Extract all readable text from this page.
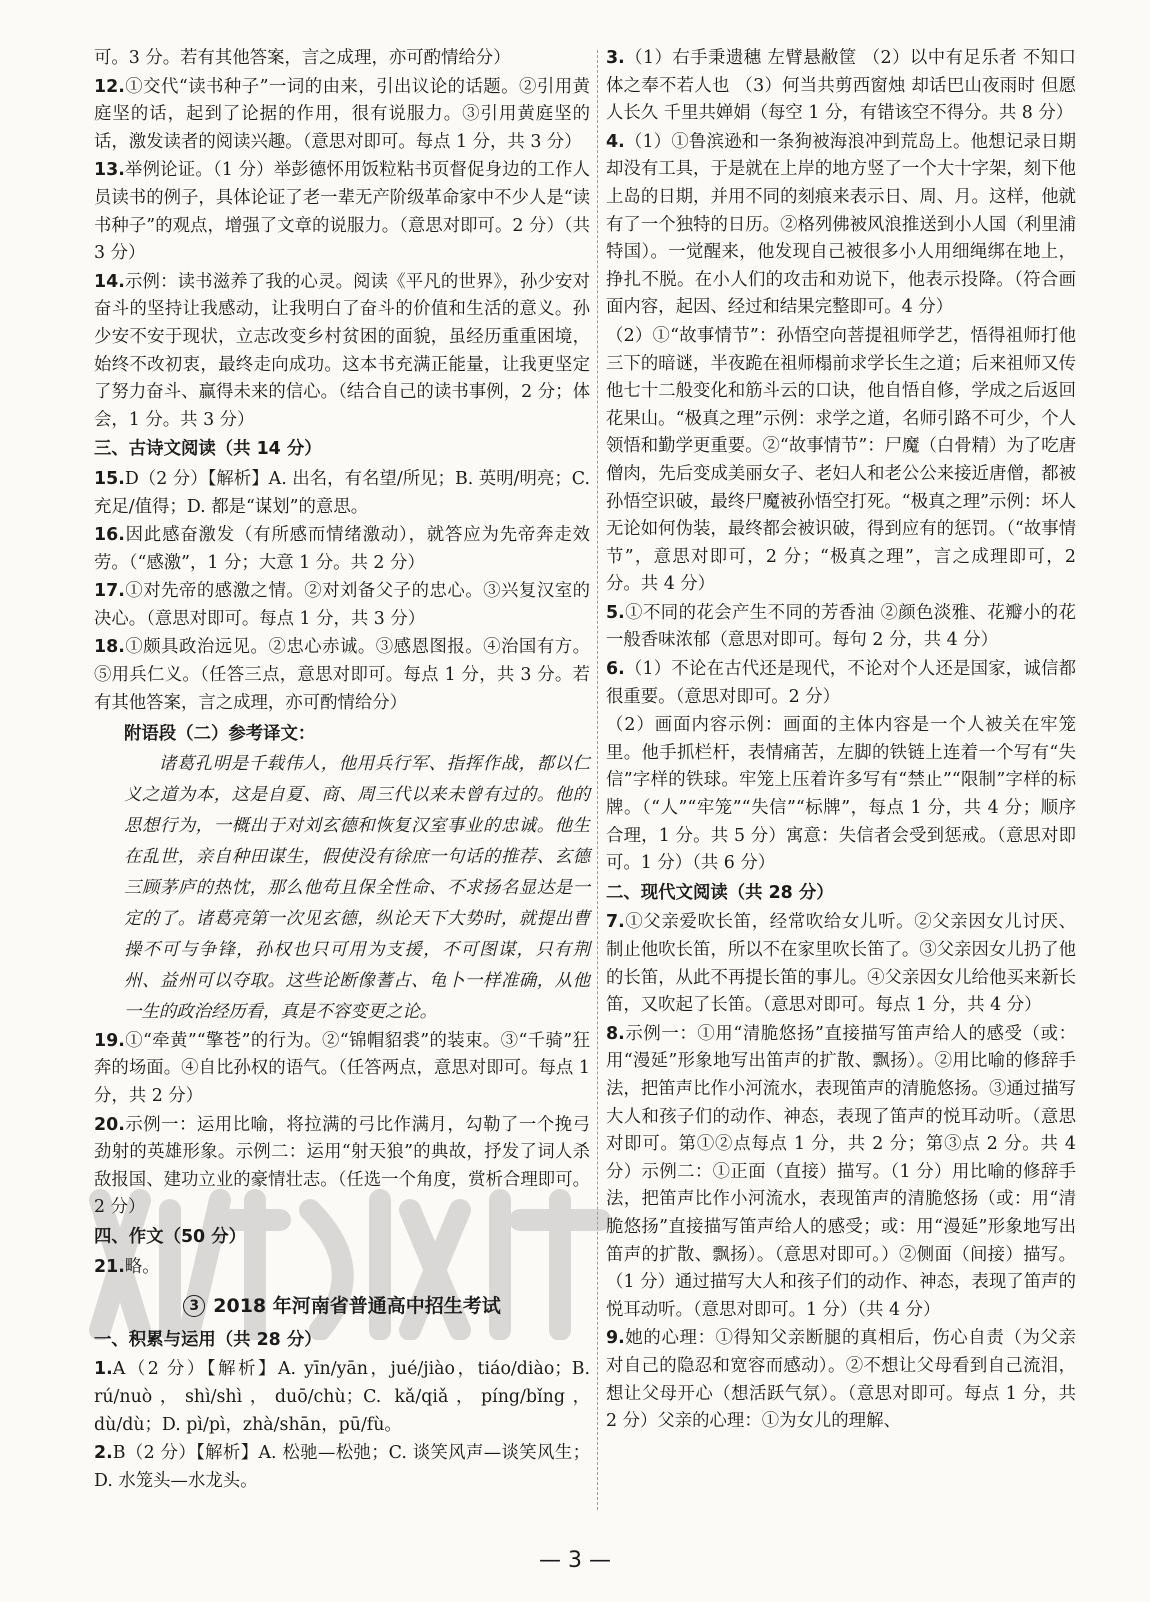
可。3 分。若有其他答案，言之成理，亦可酌情给分）
12.①交代“读书种子”一词的由来，引出议论的话题。②引用黄庭坚的话，起到了论据的作用，很有说服力。③引用黄庭坚的话，激发读者的阅读兴趣。（意思对即可。每点 1 分，共 3 分）
13.举例论证。（1 分）举彭德怀用饭粒粘书页督促身边的工作人员读书的例子，具体论证了老一辈无产阶级革命家中不少人是“读书种子”的观点，增强了文章的说服力。（意思对即可。2 分）（共 3 分）
14.示例：读书滋养了我的心灵。阅读《平凡的世界》，孙少安对奋斗的坚持让我感动，让我明白了奋斗的价值和生活的意义。孙少安不安于现状，立志改变乡村贫困的面貌，虽经历重重困境，始终不改初衷，最终走向成功。这本书充满正能量，让我更坚定了努力奋斗、赢得未来的信心。（结合自己的读书事例，2 分；体会，1 分。共 3 分）
三、古诗文阅读（共 14 分）
15.D（2 分）【解析】A. 出名，有名望/所见；B. 英明/明亮；C. 充足/值得；D. 都是“谋划”的意思。
16.因此感奋激发（有所感而情绪激动），就答应为先帝奔走效劳。（“感激”，1 分；大意 1 分。共 2 分）
17.①对先帝的感激之情。②对刘备父子的忠心。③兴复汉室的决心。（意思对即可。每点 1 分，共 3 分）
18.①颇具政治远见。②忠心赤诚。③感恩图报。④治国有方。⑤用兵仁义。（任答三点，意思对即可。每点 1 分，共 3 分。若有其他答案，言之成理，亦可酌情给分）
附语段（二）参考译文：
诸葛孔明是千载伟人，他用兵行军、指挥作战，都以仁义之道为本，这是自夏、商、周三代以来未曾有过的。他的思想行为，一概出于对刘玄德和恢复汉室事业的忠诚。他生在乱世，亲自种田谋生，假使没有徐庶一句话的推荐、玄德三顾茅庐的热忱，那么他苟且保全性命、不求扬名显达是一定的了。诸葛亮第一次见玄德，纵论天下大势时，就提出曹操不可与争锋，孙权也只可用为支援，不可图谋，只有荆州、益州可以夺取。这些论断像蓍占、龟卜一样准确，从他一生的政治经历看，真是不容变更之论。
19.①“牵黄”“擎苍”的行为。②“锦帽貂裘”的装束。③“千骑”狂奔的场面。④自比孙权的语气。（任答两点，意思对即可。每点 1 分，共 2 分）
20.示例一：运用比喻，将拉满的弓比作满月，勾勒了一个挽弓劲射的英雄形象。示例二：运用“射天狼”的典故，抒发了词人杀敌报国、建功立业的豪情壮志。（任选一个角度，赏析合理即可。2 分）
四、作文（50 分）
21.略。
3 2018 年河南省普通高中招生考试
一、积累与运用（共 28 分）
1.A（2 分）【解析】A. yīn/yān，jué/jiào，tiáo/diào；B. rú/nuò，shì/shì，duō/chù；C. kǎ/qiǎ，píng/bǐng，dù/dù；D. pì/pì，zhà/shān，pū/fù。
2.B（2 分）【解析】A. 松驰—松弛；C. 谈笑风声—谈笑风生；D. 水笼头—水龙头。
3.（1）右手秉遗穗 左臂悬敝筐 （2）以中有足乐者 不知口体之奉不若人也 （3）何当共剪西窗烛 却话巴山夜雨时 但愿人长久 千里共婵娟（每空 1 分，有错该空不得分。共 8 分）
4.（1）①鲁滨逊和一条狗被海浪冲到荒岛上。他想记录日期却没有工具，于是就在上岸的地方竖了一个大十字架，刻下他上岛的日期，并用不同的刻痕来表示日、周、月。这样，他就有了一个独特的日历。②格列佛被风浪推送到小人国（利里浦特国）。一觉醒来，他发现自己被很多小人用细绳绑在地上，挣扎不脱。在小人们的攻击和劝说下，他表示投降。（符合画面内容，起因、经过和结果完整即可。4 分）
（2）①“故事情节”：孙悟空向菩提祖师学艺，悟得祖师打他三下的暗谜，半夜跪在祖师榻前求学长生之道；后来祖师又传他七十二般变化和筋斗云的口诀，他自悟自修，学成之后返回花果山。“极真之理”示例：求学之道，名师引路不可少，个人领悟和勤学更重要。②“故事情节”：尸魔（白骨精）为了吃唐僧肉，先后变成美丽女子、老妇人和老公公来接近唐僧，都被孙悟空识破，最终尸魔被孙悟空打死。“极真之理”示例：坏人无论如何伪装，最终都会被识破，得到应有的惩罚。（“故事情节”，意思对即可，2 分；“极真之理”，言之成理即可，2 分。共 4 分）
5.①不同的花会产生不同的芳香油 ②颜色淡雅、花瓣小的花一般香味浓郁（意思对即可。每句 2 分，共 4 分）
6.（1）不论在古代还是现代，不论对个人还是国家，诚信都很重要。（意思对即可。2 分）
（2）画面内容示例：画面的主体内容是一个人被关在牢笼里。他手抓栏杆，表情痛苦，左脚的铁链上连着一个写有“失信”字样的铁球。牢笼上压着许多写有“禁止”“限制”字样的标牌。（“人”“牢笼”“失信”“标牌”，每点 1 分，共 4 分；顺序合理，1 分。共 5 分）寓意：失信者会受到惩戒。（意思对即可。1 分）（共 6 分）
二、现代文阅读（共 28 分）
7.①父亲爱吹长笛，经常吹给女儿听。②父亲因女儿讨厌、制止他吹长笛，所以不在家里吹长笛了。③父亲因女儿扔了他的长笛，从此不再提长笛的事儿。④父亲因女儿给他买来新长笛，又吹起了长笛。（意思对即可。每点 1 分，共 4 分）
8.示例一：①用“清脆悠扬”直接描写笛声给人的感受（或：用“漫延”形象地写出笛声的扩散、飘扬）。②用比喻的修辞手法，把笛声比作小河流水，表现笛声的清脆悠扬。③通过描写大人和孩子们的动作、神态，表现了笛声的悦耳动听。（意思对即可。第①②点每点 1 分，共 2 分；第③点 2 分。共 4 分）示例二：①正面（直接）描写。（1 分）用比喻的修辞手法，把笛声比作小河流水，表现笛声的清脆悠扬（或：用“清脆悠扬”直接描写笛声给人的感受；或：用“漫延”形象地写出笛声的扩散、飘扬）。（意思对即可。）②侧面（间接）描写。（1 分）通过描写大人和孩子们的动作、神态，表现了笛声的悦耳动听。（意思对即可。1 分）（共 4 分）
9.她的心理：①得知父亲断腿的真相后，伤心自责（为父亲对自己的隐忍和宽容而感动）。②不想让父母看到自己流泪，想让父母开心（想活跃气氛）。（意思对即可。每点 1 分，共 2 分）父亲的心理：①为女儿的理解、
— 3 —
